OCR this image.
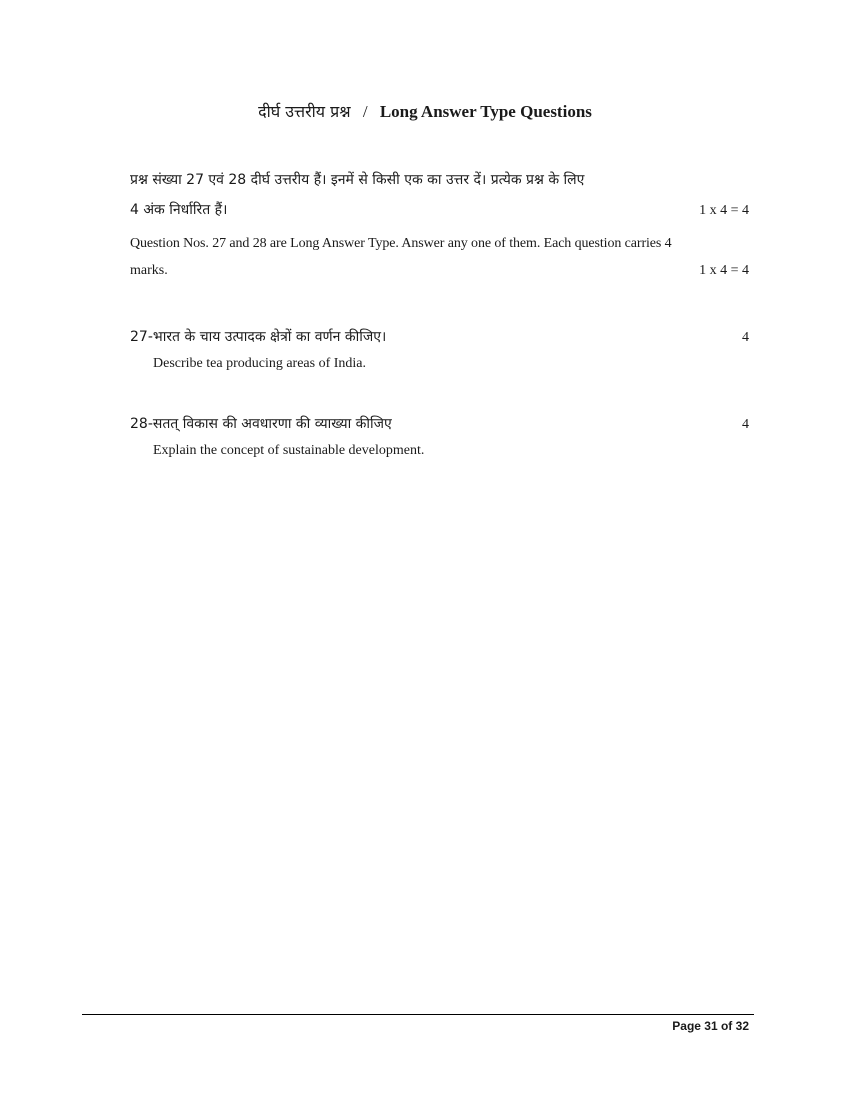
दीर्घ उत्तरीय प्रश्न / Long Answer Type Questions
प्रश्न संख्या 27 एवं 28 दीर्घ उत्तरीय हैं। इनमें से किसी एक का उत्तर दें। प्रत्येक प्रश्न के लिए
4 अंक निर्धारित हैं।	1 x 4 = 4
Question Nos. 27 and 28 are Long Answer Type. Answer any one of them. Each question carries 4
marks.	1 x 4 = 4
27-भारत के चाय उत्पादक क्षेत्रों का वर्णन कीजिए।	4
Describe tea producing areas of India.
28-सतत् विकास की अवधारणा की व्याख्या कीजिए	4
Explain the concept of sustainable development.
Page 31 of 32
